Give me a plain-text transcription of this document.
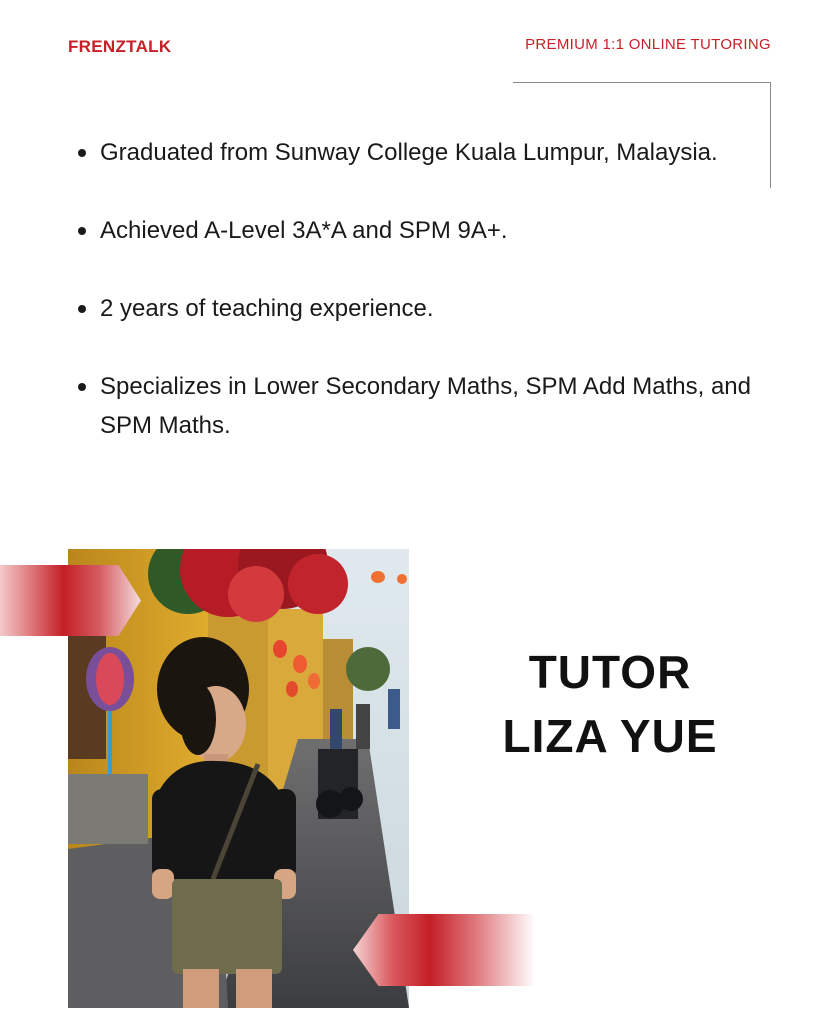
FRENZTALK	PREMIUM 1:1 ONLINE TUTORING
Graduated from Sunway College Kuala Lumpur, Malaysia.
Achieved A-Level 3A*A and SPM 9A+.
2 years of teaching experience.
Specializes in Lower Secondary Maths, SPM Add Maths, and SPM Maths.
TUTOR
LIZA YUE
